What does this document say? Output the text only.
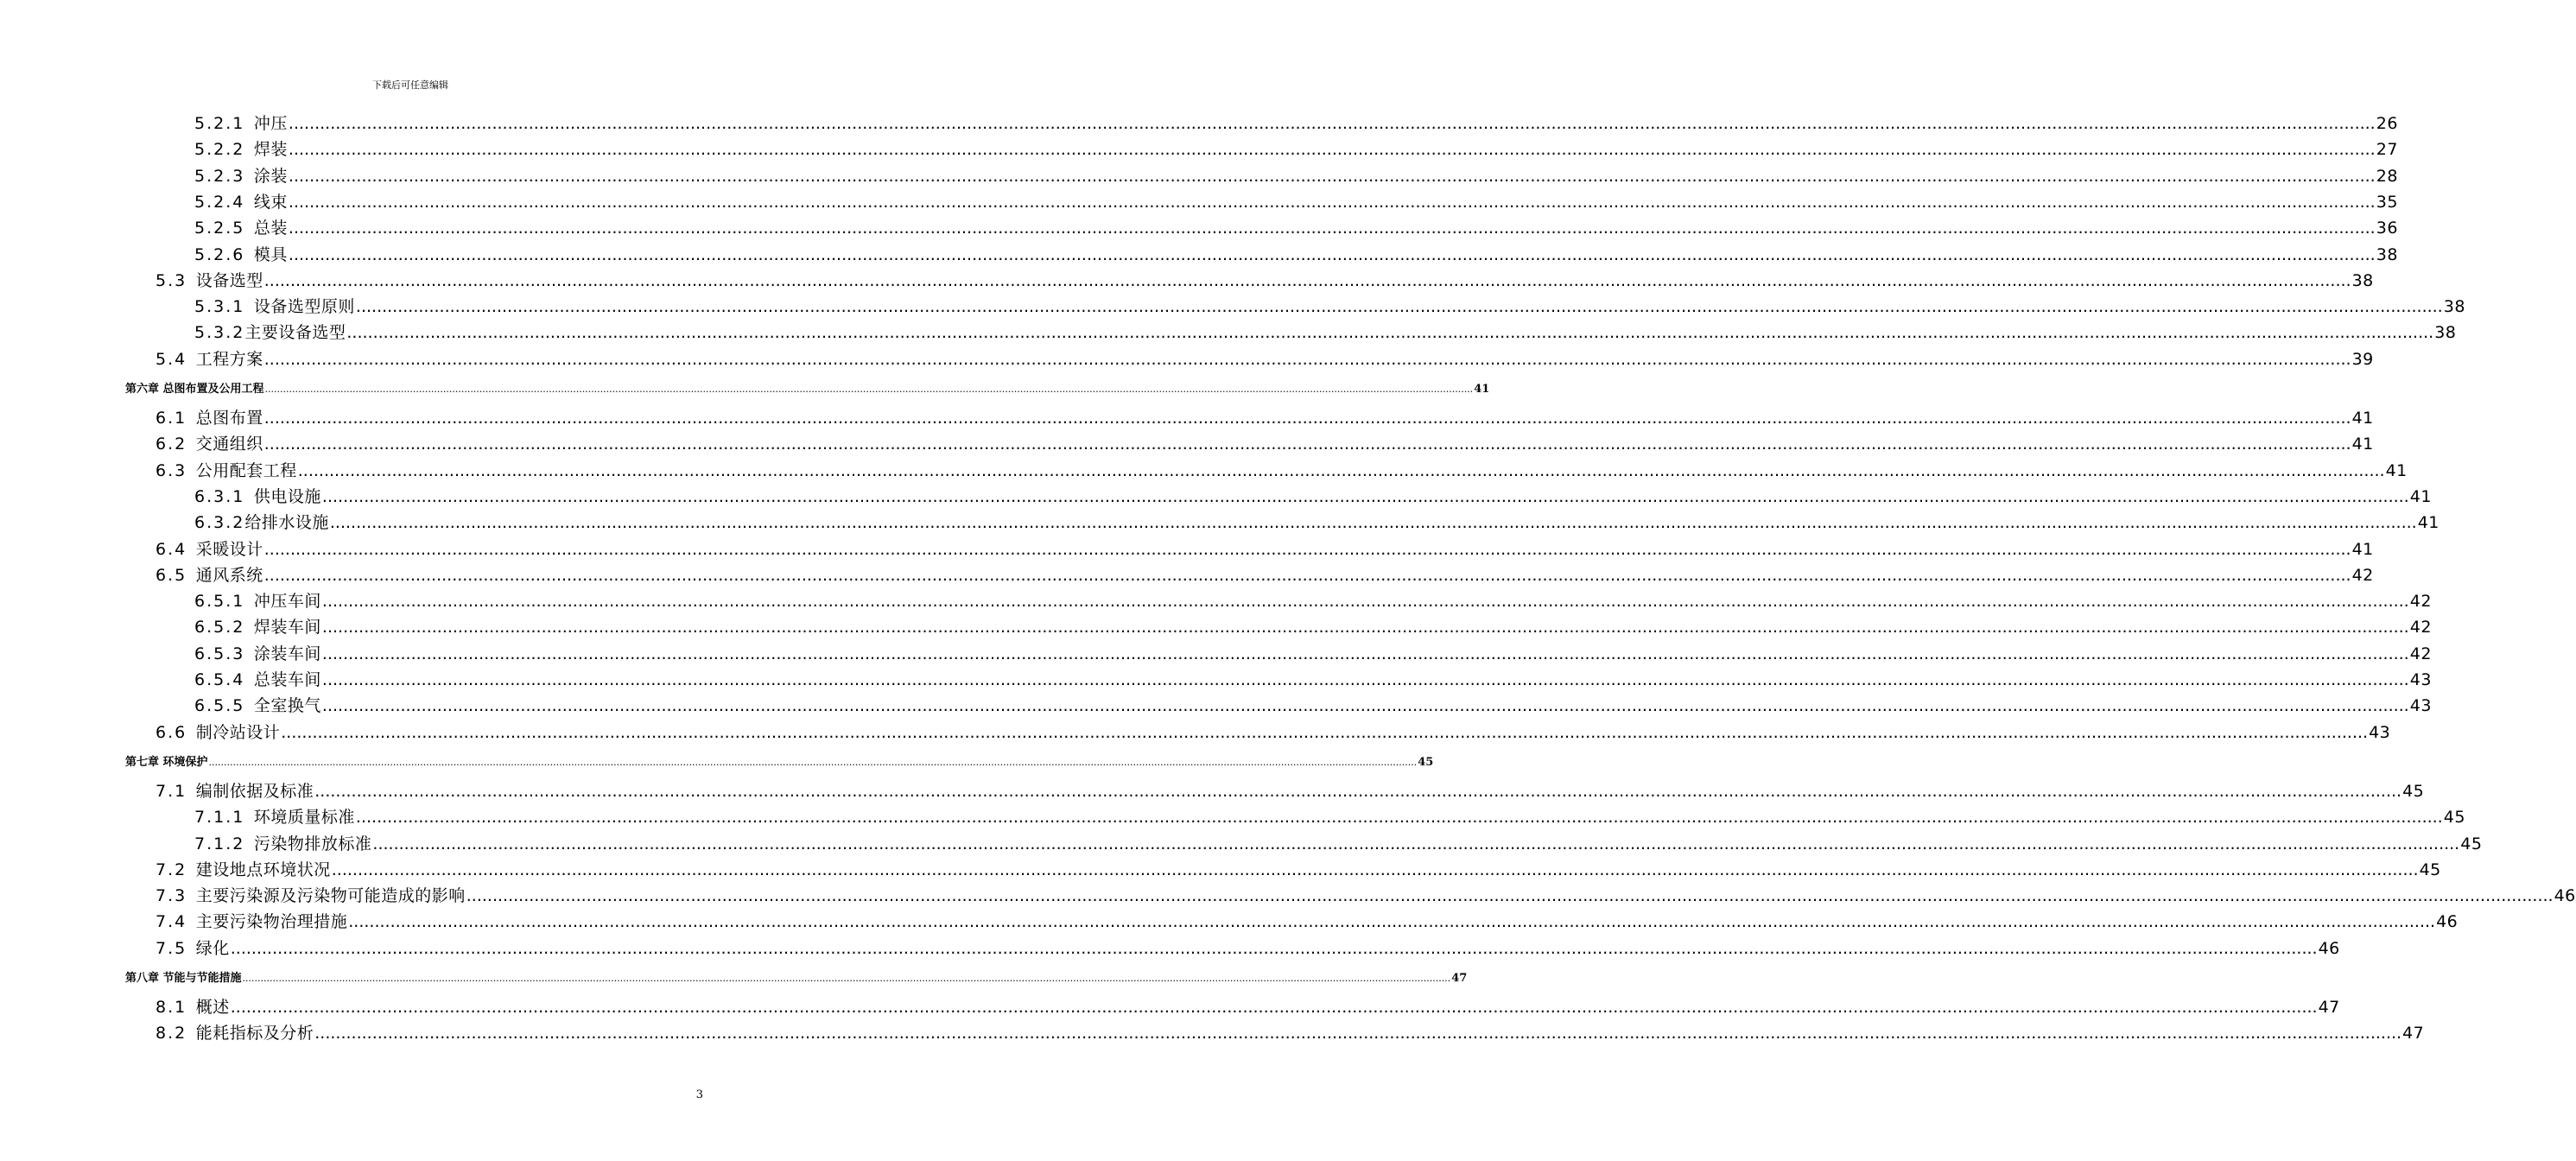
下载后可任意编辑
5.2.1 冲压 ................................................................................................................................................................................................................................................................................................................................................................................................................ 26
5.2.2 焊装 ................................................................................................................................................................................................................................................................................................................................................................................................................ 27
5.2.3 涂装 ................................................................................................................................................................................................................................................................................................................................................................................................................ 28
5.2.4 线束 ................................................................................................................................................................................................................................................................................................................................................................................................................ 35
5.2.5 总装 ................................................................................................................................................................................................................................................................................................................................................................................................................ 36
5.2.6 模具 ................................................................................................................................................................................................................................................................................................................................................................................................................ 38
5.3 设备选型 ................................................................................................................................................................................................................................................................................................................................................................................................................ 38
5.3.1 设备选型原则 ................................................................................................................................................................................................................................................................................................................................................................................................................ 38
5.3.2主要设备选型 ................................................................................................................................................................................................................................................................................................................................................................................................................ 38
5.4 工程方案 ................................................................................................................................................................................................................................................................................................................................................................................................................ 39
第六章 总图布置及公用工程 ................................................................................................................................................................................................................................................................................................................................................................................................................ 41
6.1 总图布置 ................................................................................................................................................................................................................................................................................................................................................................................................................ 41
6.2 交通组织 ................................................................................................................................................................................................................................................................................................................................................................................................................ 41
6.3 公用配套工程 ................................................................................................................................................................................................................................................................................................................................................................................................................ 41
6.3.1 供电设施 ................................................................................................................................................................................................................................................................................................................................................................................................................ 41
6.3.2给排水设施 ................................................................................................................................................................................................................................................................................................................................................................................................................ 41
6.4 采暖设计 ................................................................................................................................................................................................................................................................................................................................................................................................................ 41
6.5 通风系统 ................................................................................................................................................................................................................................................................................................................................................................................................................ 42
6.5.1 冲压车间 ................................................................................................................................................................................................................................................................................................................................................................................................................ 42
6.5.2 焊装车间 ................................................................................................................................................................................................................................................................................................................................................................................................................ 42
6.5.3 涂装车间 ................................................................................................................................................................................................................................................................................................................................................................................................................ 42
6.5.4 总装车间 ................................................................................................................................................................................................................................................................................................................................................................................................................ 43
6.5.5 全室换气 ................................................................................................................................................................................................................................................................................................................................................................................................................ 43
6.6 制冷站设计 ................................................................................................................................................................................................................................................................................................................................................................................................................ 43
第七章 环境保护 ................................................................................................................................................................................................................................................................................................................................................................................................................ 45
7.1 编制依据及标准 ................................................................................................................................................................................................................................................................................................................................................................................................................ 45
7.1.1 环境质量标准 ................................................................................................................................................................................................................................................................................................................................................................................................................ 45
7.1.2 污染物排放标准 ................................................................................................................................................................................................................................................................................................................................................................................................................ 45
7.2 建设地点环境状况 ................................................................................................................................................................................................................................................................................................................................................................................................................ 45
7.3 主要污染源及污染物可能造成的影响 ................................................................................................................................................................................................................................................................................................................................................................................................................ 46
7.4 主要污染物治理措施 ................................................................................................................................................................................................................................................................................................................................................................................................................ 46
7.5 绿化 ................................................................................................................................................................................................................................................................................................................................................................................................................ 46
第八章 节能与节能措施 ................................................................................................................................................................................................................................................................................................................................................................................................................ 47
8.1 概述 ................................................................................................................................................................................................................................................................................................................................................................................................................ 47
8.2 能耗指标及分析 ................................................................................................................................................................................................................................................................................................................................................................................................................ 47
3
